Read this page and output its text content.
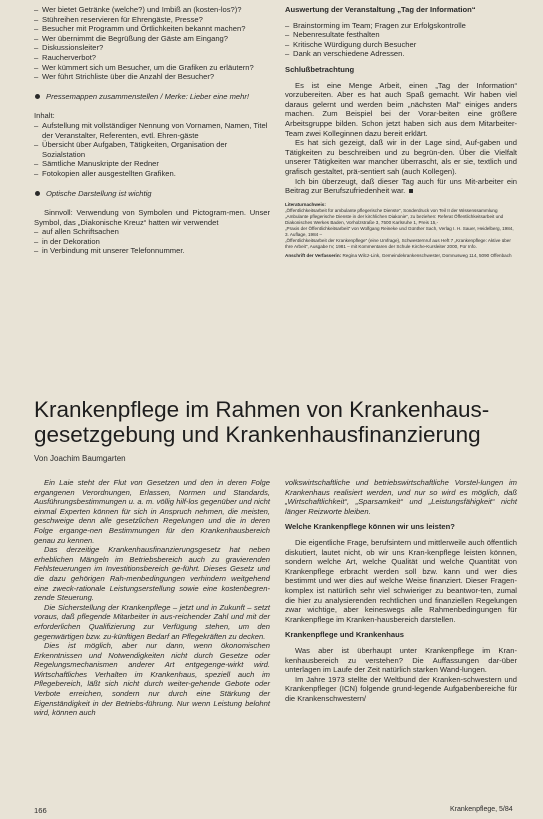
– Wer bietet Getränke (welche?) und Imbiß an (kosten-los?)?
– Stühreihen reservieren für Ehrengäste, Presse?
– Besucher mit Programm und Örtlichkeiten bekannt machen?
– Wer übernimmt die Begrüßung der Gäste am Eingang?
– Diskussionsleiter?
– Raucherverbot?
– Wer kümmert sich um Besucher, um die Grafiken zu erläutern?
– Wer führt Strichliste über die Anzahl der Besucher?
Pressemappen zusammenstellen / Merke: Lieber eine mehr!
Inhalt:
– Aufstellung mit vollständiger Nennung von Vornamen, Namen, Titel der Veranstalter, Referenten, evtl. Ehren-gäste
– Übersicht über Aufgaben, Tätigkeiten, Organisation der Sozialstation
– Sämtliche Manuskripte der Redner
– Fotokopien aller ausgestellten Grafiken.
Optische Darstellung ist wichtig

Sinnvoll: Verwendung von Symbolen und Pictogram-men. Unser Symbol, das „Diakonische Kreuz“ hatten wir verwendet

– auf allen Schriftsachen
– in der Dekoration
– in Verbindung mit unserer Telefonnummer.

Auswertung der Veranstaltung „Tag der Information“

– Brainstorming im Team; Fragen zur Erfolgskontrolle
– Nebenresultate festhalten
– Kritische Würdigung durch Besucher
– Dank an verschiedene Adressen.

Schlußbetrachtung

Es ist eine Menge Arbeit, einen „Tag der Information“ vorzubereiten. Aber es hat auch Spaß gemacht. Wir haben viel daraus gelernt und werden beim „nächsten Mal“ einiges anders machen. Zum Beispiel bei der Vorar-beiten eine größere Arbeitsgruppe bilden. Schon jetzt haben sich aus dem Mitarbeiter-Team zwei Kolleginnen dazu bereit erklärt.

Es hat sich gezeigt, daß wir in der Lage sind, Auf-gaben und Tätigkeiten zu beschreiben und zu begrün-den. Über die Vielfalt unserer Tätigkeiten war mancher überrascht, als er sie, textlich und grafisch gestaltet, prä-sentiert sah (auch Kollegen).

Ich bin überzeugt, daß dieser Tag auch für uns Mit-arbeiter ein Beitrag zur Berufszufriedenheit war.

Literaturnachweis:
„Öffentlichkeitsarbeit für ambulante pflegerische Dienste“, Sonderdruck von Teil II der Wissenssammlung „Ambulante pflegerische Dienste in der kirchlichen Diakonie“, zu beziehen: Referat Öffentlichkeitsarbeit und Diakonisches Werkes Baden, Vorholzstraße 3, 7500 Karlsruhe 1, Preis 15,-
„Praxis der Öffentlichkeitsarbeit“ von Wolfgang Reineke und Günther Sach, Verlag I. H. Sauer, Heidelberg, 1984, 3. Auflage, 1984 –
„Öffentlichkeitsarbeit der Krankenpflege“ (eine Umfrage), Schwesternruf aus Heft 7 „Krankenpflege: Aktive über Ihre Arbeit“, Ausgabe IV, 1981 – mit Kommentaren der Schule Kirche-Kursleiter 2000, Für Info.
Anschrift der Verfasserin: Regina Wilcz-Link, Gemeindekrankenschwester, Domnusweg 114, 5090 Offenbach
Krankenpflege im Rahmen von Krankenhaus-gesetzgebung und Krankenhausfinanzierung
Von Joachim Baumgarten

Ein Laie steht der Flut von Gesetzen und den in deren Folge ergangenen Verordnungen, Erlassen, Normen und Standards, Ausführungsbestimmungen u. a. m. völlig hilf-los gegenüber und nicht einmal Experten können für sich in Anspruch nehmen, die meisten, geschweige denn alle gesetzlichen Regelungen und die in deren Folge ergange-nen Bestimmungen für den Krankenhausbereich genau zu kennen.

Das derzeitige Krankenhausfinanzierungsgesetz hat neben erheblichen Mängeln im Betriebsbereich auch zu gravierenden Fehlsteuerungen im Investitionsbereich ge-führt. Dieses Gesetz und die dazu gehörigen Rah-menbedingungen verhindern weitgehend eine zweck-rationale Leistungserstellung sowie eine kostenbegren-zende Steuerung.

Die Sicherstellung der Krankenpflege – jetzt und in Zukunft – setzt voraus, daß pflegende Mitarbeiter in aus-reichender Zahl und mit der erforderlichen Qualifizierung zur Verfügung stehen, um den gegenwärtigen bzw. zu-künftigen Bedarf an Pflegekräften zu decken.

Dies ist möglich, aber nur dann, wenn ökonomischen Erkenntnissen und Notwendigkeiten nicht durch Gesetze oder Regelungsmechanismen anderer Art entgegenge-wirkt wird. Wirtschaftliches Verhalten im Krankenhaus, speziell auch im Pflegebereich, läßt sich nicht durch weiter-gehende Gebote oder Verbote erreichen, sondern nur durch eine Stärkung der Eigenständigkeit in der Betriebs-führung. Nur wenn Leistung belohnt wird, können auch

volkswirtschaftliche und betriebswirtschaftliche Vorstel-lungen im Krankenhaus realisiert werden, und nur so wird es möglich, daß „Wirtschaftlichkeit“, „Sparsamkeit“ und „Leistungsfähigkeit“ nicht länger Reizworte bleiben.

Welche Krankenpflege können wir uns leisten?

Die eigentliche Frage, berufsintern und mittlerweile auch öffentlich diskutiert, lautet nicht, ob wir uns Kran-kenpflege leisten können, sondern welche Art, welche Qualität und welche Quantität von Krankenpflege erbracht werden soll bzw. kann und wer dies bestimmt und wer dies auf welche Weise finanziert. Dieser Fragen-komplex ist natürlich sehr viel schwieriger zu beantwor-ten, zumal die hier zu analysierenden rechtlichen und finanziellen Regelungen zwar wichtige, aber keineswegs alle Rahmenbedingungen für Krankenpflege im Kranken-hausbereich darstellen.

Krankenpflege und Krankenhaus

Was aber ist überhaupt unter Krankenpflege im Kran-kenhausbereich zu verstehen? Die Auffassungen dar-über unterlagen im Laufe der Zeit natürlich starken Wand-lungen.

Im Jahre 1973 stellte der Weltbund der Kranken-schwestern und Krankenpfleger (ICN) folgende grund-legende Aufgabenbereiche für die Krankenschwestern/

166	Krankenpflege, 5/84
